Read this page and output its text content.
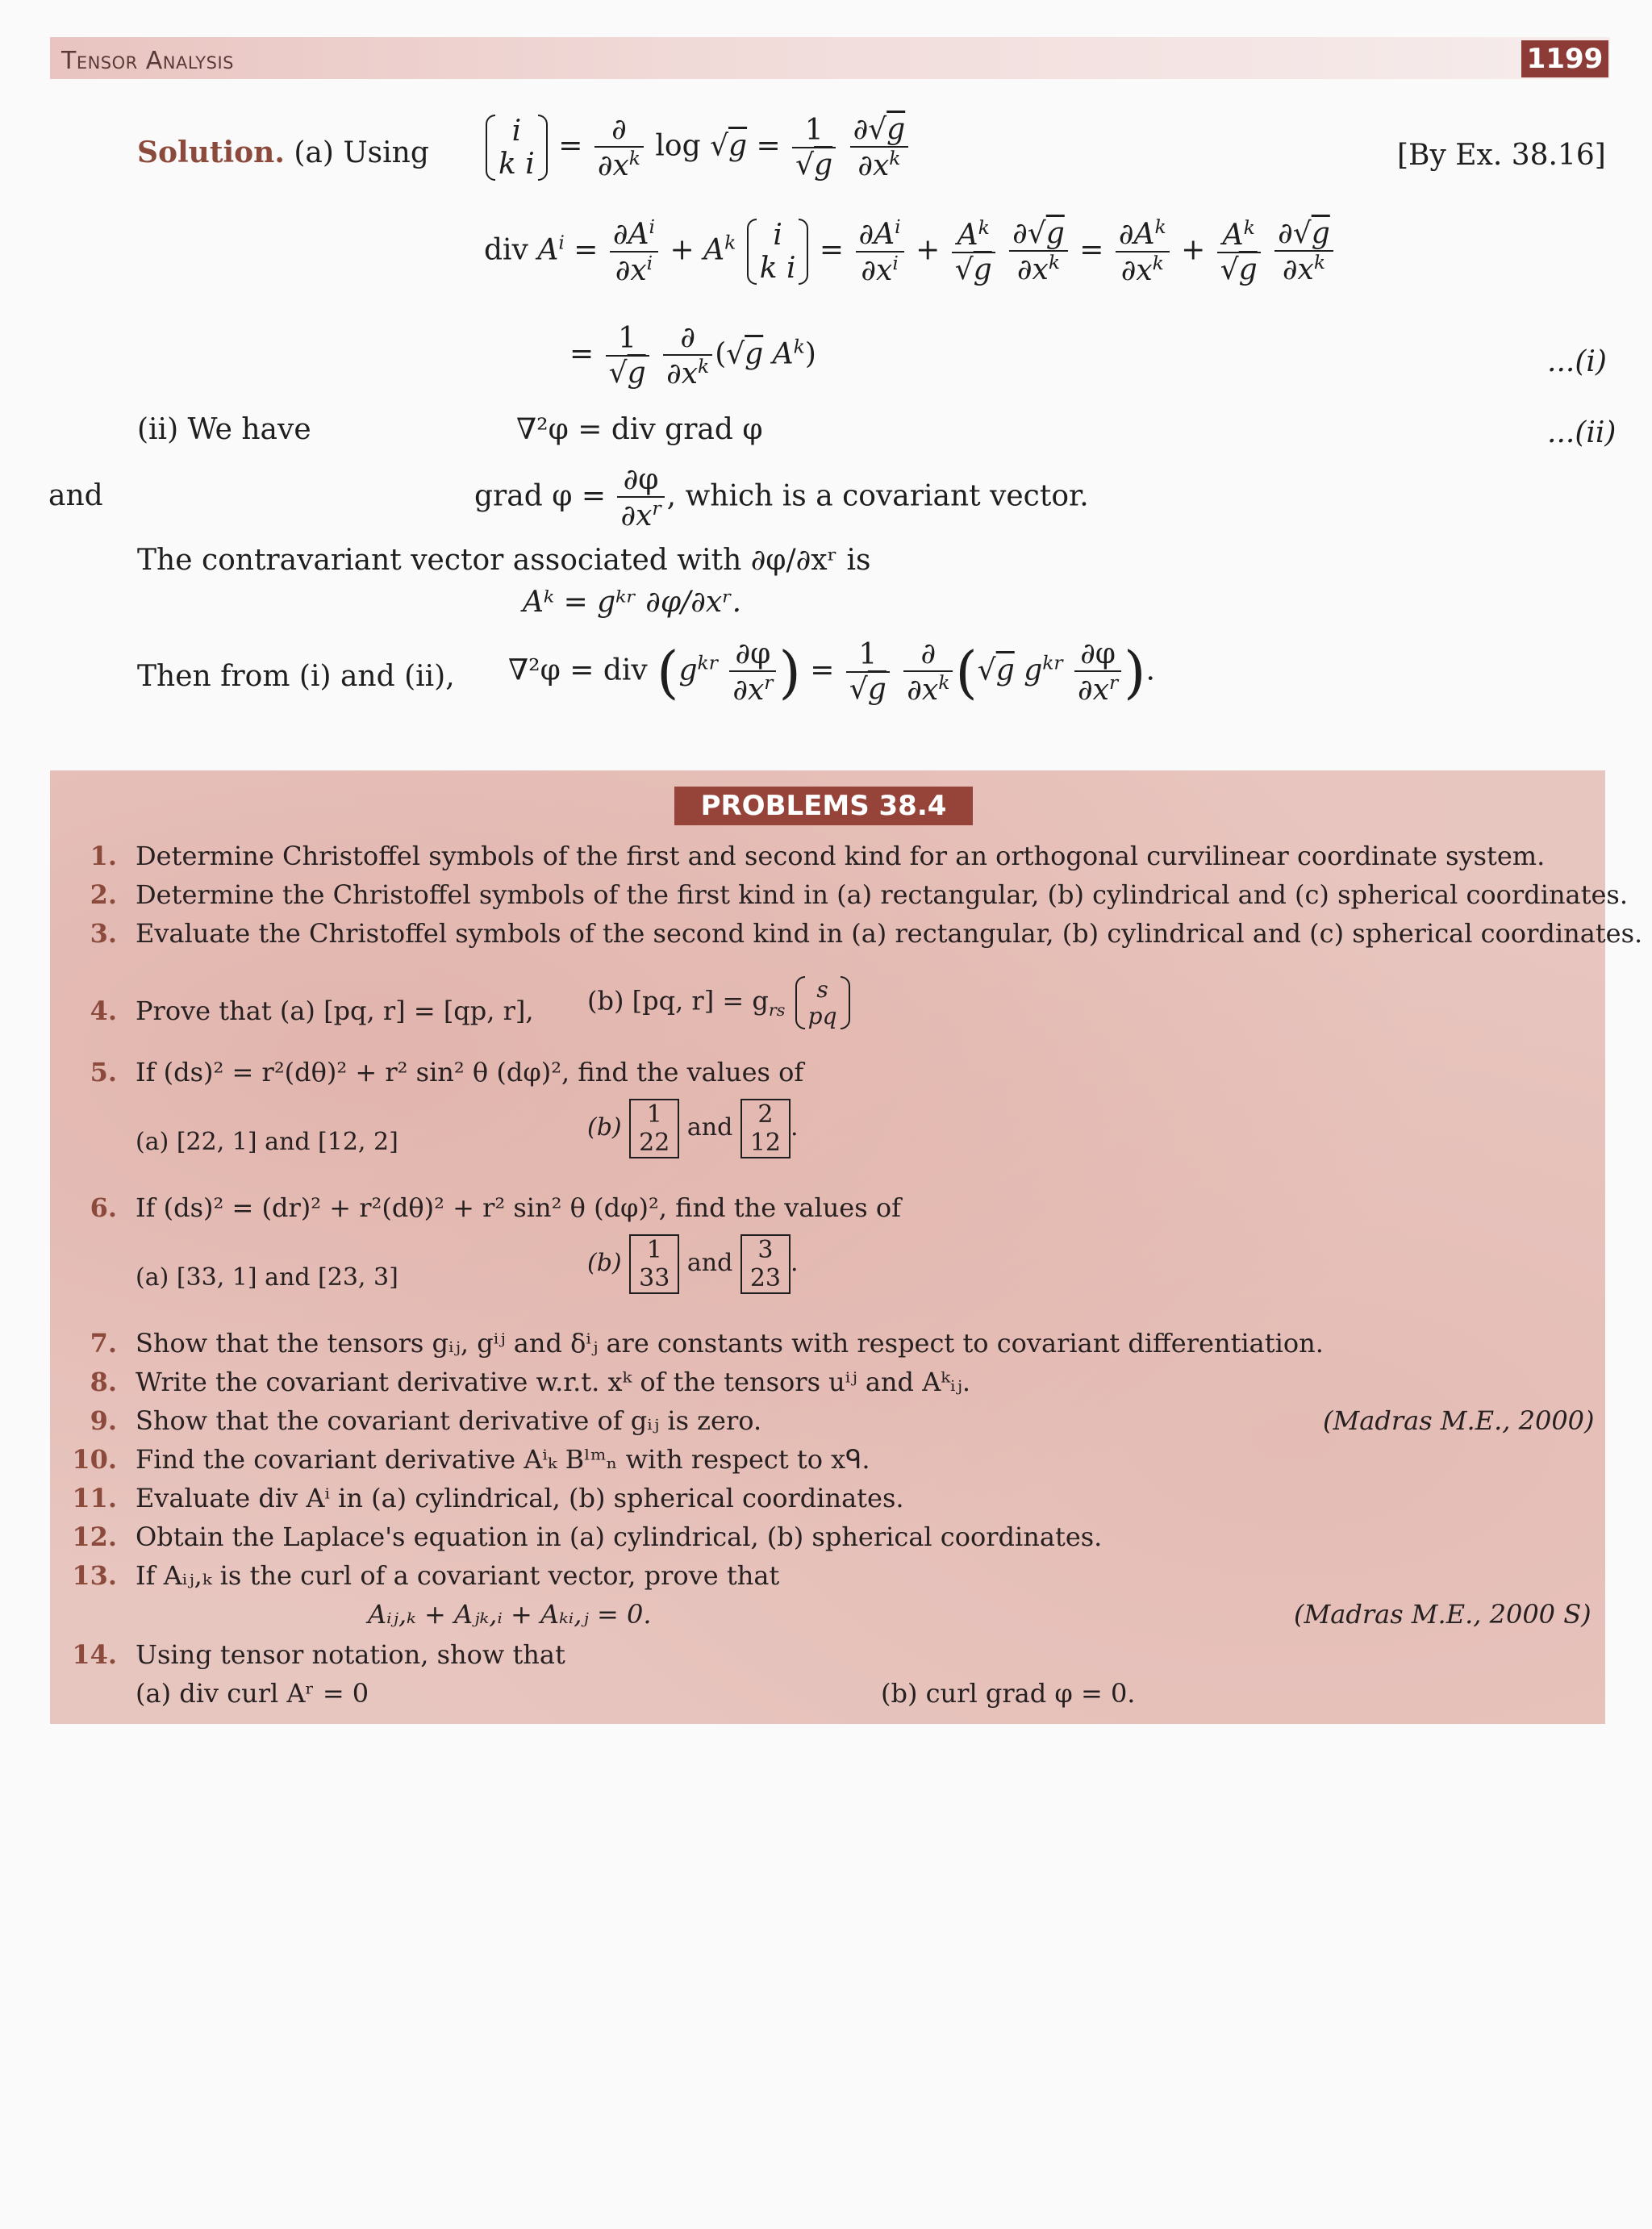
Tensor Analysis	1199
Solution. (a) Using
i
k $i = \frac{\partial}{\partial x^k}$ $\log √g = \frac{1}{√g}$
$\frac{\partial√g}{\partial x^k}$	[By Ex. 38.16]
div $A^i = \frac{\partial A^i}{\partial x^i} + A^k$ i
k $i = \frac{\partial A^i}{\partial x^i} + \frac{A^k}{√g}$
$\frac{\partial√g}{\partial x^k} = \frac{\partial A^k}{\partial x^k} + \frac{A^k}{√g}$
$\frac{\partial√g}{\partial x^k}$
= $\frac{1}{√g}$
$\frac{\partial}{\partial x^k} (√g$ $A^k$)	...(i)
(ii) We have	∇²φ = div grad φ	...(ii)
and	grad $\varphi = \frac{\partial\varphi}{\partial x^r}$ , which is a covariant vector.
The contravariant vector associated with ∂φ/∂xʳ is
Aᵏ = gᵏʳ ∂φ/∂xʳ.
Then from (i) and (ii), ∇²φ = div ($g^{kr} \frac{\partial\varphi}{\partial x^r}$ ) = $\frac{1}{√g}$
$\frac{\partial}{\partial x^k} (√g$ $g^{kr} \frac{\partial\varphi}{\partial x^r}$ ).
PROBLEMS 38.4
1. Determine Christoffel symbols of the first and second kind for an orthogonal curvilinear coordinate system.
2. Determine the Christoffel symbols of the first kind in (a) rectangular, (b) cylindrical and (c) spherical coordinates.
3. Evaluate the Christoffel symbols of the second kind in (a) rectangular, (b) cylindrical and (c) spherical coordinates.
4. Prove that (a) [pq, r] = [qp, r], (b) [pq, $r] = g_{rs}$ s
pq
5. If (ds)² = r²(dθ)² + r² sin² θ (dφ)², find the values of
(a) [22, 1] and [12, 2]
(b) 1
22 and 2
12.
6. If (ds)² = (dr)² + r²(dθ)² + r² sin² θ (dφ)², find the values of
(a) [33, 1] and [23, 3]
(b) 1
33 and 3
23.
7. Show that the tensors gᵢⱼ, gⁱʲ and δⁱⱼ are constants with respect to covariant differentiation.
8. Write the covariant derivative w.r.t. xᵏ of the tensors uⁱʲ and Aᵏᵢⱼ.
9. Show that the covariant derivative of gᵢⱼ is zero.	(Madras M.E., 2000)
10. Find the covariant derivative Aⁱₖ Bˡᵐₙ with respect to xᑫ.
11. Evaluate div Aⁱ in (a) cylindrical, (b) spherical coordinates.
12. Obtain the Laplace's equation in (a) cylindrical, (b) spherical coordinates.
13. If Aᵢⱼ,ₖ is the curl of a covariant vector, prove that
Aᵢⱼ,ₖ + Aⱼₖ,ᵢ + Aₖᵢ,ⱼ = 0.	(Madras M.E., 2000 S)
14. Using tensor notation, show that
(a) div curl Aʳ = 0	(b) curl grad φ = 0.
